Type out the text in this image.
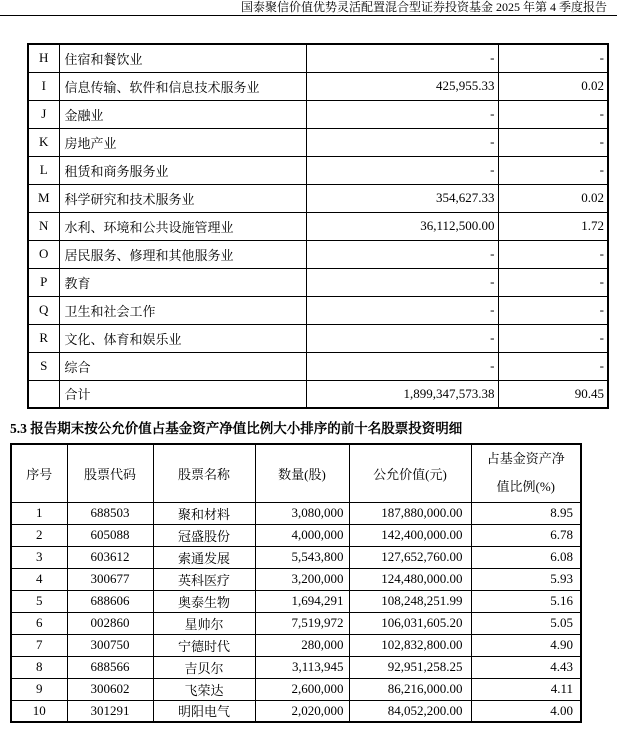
国泰聚信价值优势灵活配置混合型证券投资基金 2025 年第 4 季度报告
H	住宿和餐饮业	-	-
I	信息传输、软件和信息技术服务业	425,955.33	0.02
J	金融业	-	-
K	房地产业	-	-
L	租赁和商务服务业	-	-
M	科学研究和技术服务业	354,627.33	0.02
N	水利、环境和公共设施管理业	36,112,500.00	1.72
O	居民服务、修理和其他服务业	-	-
P	教育	-	-
Q	卫生和社会工作	-	-
R	文化、体育和娱乐业	-	-
S	综合	-	-
	合计	1,899,347,573.38	90.45
5.3 报告期末按公允价值占基金资产净值比例大小排序的前十名股票投资明细
序号	股票代码	股票名称	数量(股)	公允价值(元)	占基金资产净值比例(%)
1	688503	聚和材料	3,080,000	187,880,000.00	8.95
2	605088	冠盛股份	4,000,000	142,400,000.00	6.78
3	603612	索通发展	5,543,800	127,652,760.00	6.08
4	300677	英科医疗	3,200,000	124,480,000.00	5.93
5	688606	奥泰生物	1,694,291	108,248,251.99	5.16
6	002860	星帅尔	7,519,972	106,031,605.20	5.05
7	300750	宁德时代	280,000	102,832,800.00	4.90
8	688566	吉贝尔	3,113,945	92,951,258.25	4.43
9	300602	飞荣达	2,600,000	86,216,000.00	4.11
10	301291	明阳电气	2,020,000	84,052,200.00	4.00
